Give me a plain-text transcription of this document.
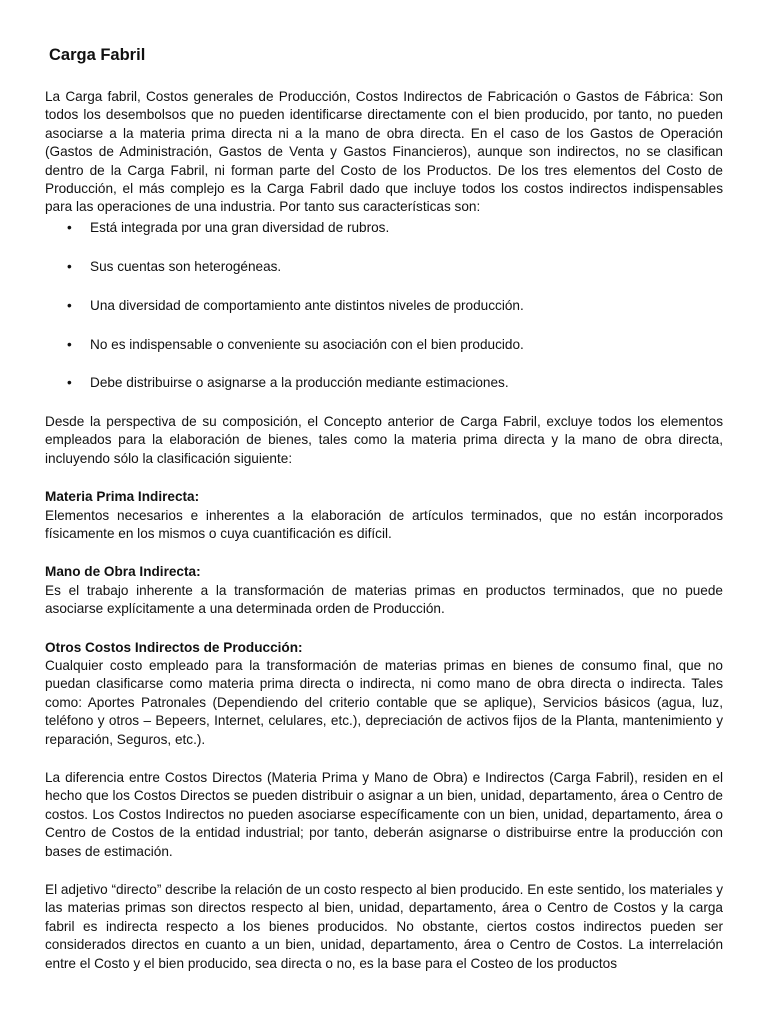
Carga Fabril

La Carga fabril, Costos generales de Producción, Costos Indirectos de Fabricación o Gastos de Fábrica: Son todos los desembolsos que no pueden identificarse directamente con el bien producido, por tanto, no pueden asociarse a la materia prima directa ni a la mano de obra directa. En el caso de los Gastos de Operación (Gastos de Administración, Gastos de Venta y Gastos Financieros), aunque son indirectos, no se clasifican dentro de la Carga Fabril, ni forman parte del Costo de los Productos. De los tres elementos del Costo de Producción, el más complejo es la Carga Fabril dado que incluye todos los costos indirectos indispensables para las operaciones de una industria. Por tanto sus características son:

• Está integrada por una gran diversidad de rubros.
• Sus cuentas son heterogéneas.
• Una diversidad de comportamiento ante distintos niveles de producción.
• No es indispensable o conveniente su asociación con el bien producido.
• Debe distribuirse o asignarse a la producción mediante estimaciones.

Desde la perspectiva de su composición, el Concepto anterior de Carga Fabril, excluye todos los elementos empleados para la elaboración de bienes, tales como la materia prima directa y la mano de obra directa, incluyendo sólo la clasificación siguiente:

Materia Prima Indirecta:

Elementos necesarios e inherentes a la elaboración de artículos terminados, que no están incorporados físicamente en los mismos o cuya cuantificación es difícil.

Mano de Obra Indirecta:

Es el trabajo inherente a la transformación de materias primas en productos terminados, que no puede asociarse explícitamente a una determinada orden de Producción.

Otros Costos Indirectos de Producción:

Cualquier costo empleado para la transformación de materias primas en bienes de consumo final, que no puedan clasificarse como materia prima directa o indirecta, ni como mano de obra directa o indirecta. Tales como: Aportes Patronales (Dependiendo del criterio contable que se aplique), Servicios básicos (agua, luz, teléfono y otros – Bepeers, Internet, celulares, etc.), depreciación de activos fijos de la Planta, mantenimiento y reparación, Seguros, etc.).

La diferencia entre Costos Directos (Materia Prima y Mano de Obra) e Indirectos (Carga Fabril), residen en el hecho que los Costos Directos se pueden distribuir o asignar a un bien, unidad, departamento, área o Centro de costos. Los Costos Indirectos no pueden asociarse específicamente con un bien, unidad, departamento, área o Centro de Costos de la entidad industrial; por tanto, deberán asignarse o distribuirse entre la producción con bases de estimación.

El adjetivo “directo” describe la relación de un costo respecto al bien producido. En este sentido, los materiales y las materias primas son directos respecto al bien, unidad, departamento, área o Centro de Costos y la carga fabril es indirecta respecto a los bienes producidos. No obstante, ciertos costos indirectos pueden ser considerados directos en cuanto a un bien, unidad, departamento, área o Centro de Costos. La interrelación entre el Costo y el bien producido, sea directa o no, es la base para el Costeo de los productos
